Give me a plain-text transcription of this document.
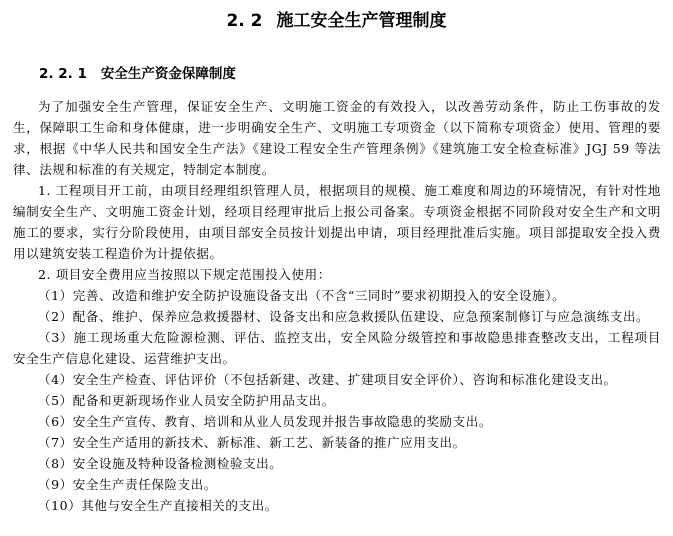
2. 2 施工安全生产管理制度
2. 2. 1 安全生产资金保障制度

为了加强安全生产管理，保证安全生产、文明施工资金的有效投入，以改善劳动条件，防止工伤事故的发生，保障职工生命和身体健康，进一步明确安全生产、文明施工专项资金（以下简称专项资金）使用、管理的要求，根据《中华人民共和国安全生产法》《建设工程安全生产管理条例》《建筑施工安全检查标准》JGJ 59 等法律、法规和标准的有关规定，特制定本制度。

1. 工程项目开工前，由项目经理组织管理人员，根据项目的规模、施工难度和周边的环境情况，有针对性地编制安全生产、文明施工资金计划，经项目经理审批后上报公司备案。专项资金根据不同阶段对安全生产和文明施工的要求，实行分阶段使用，由项目部安全员按计划提出申请，项目经理批准后实施。项目部提取安全投入费用以建筑安装工程造价为计提依据。

2. 项目安全费用应当按照以下规定范围投入使用：

（1）完善、改造和维护安全防护设施设备支出（不含“三同时”要求初期投入的安全设施）。

（2）配备、维护、保养应急救援器材、设备支出和应急救援队伍建设、应急预案制修订与应急演练支出。

（3）施工现场重大危险源检测、评估、监控支出，安全风险分级管控和事故隐患排查整改支出，工程项目安全生产信息化建设、运营维护支出。

（4）安全生产检查、评估评价（不包括新建、改建、扩建项目安全评价）、咨询和标准化建设支出。

（5）配备和更新现场作业人员安全防护用品支出。

（6）安全生产宣传、教育、培训和从业人员发现并报告事故隐患的奖励支出。

（7）安全生产适用的新技术、新标准、新工艺、新装备的推广应用支出。

（8）安全设施及特种设备检测检验支出。

（9）安全生产责任保险支出。

（10）其他与安全生产直接相关的支出。
